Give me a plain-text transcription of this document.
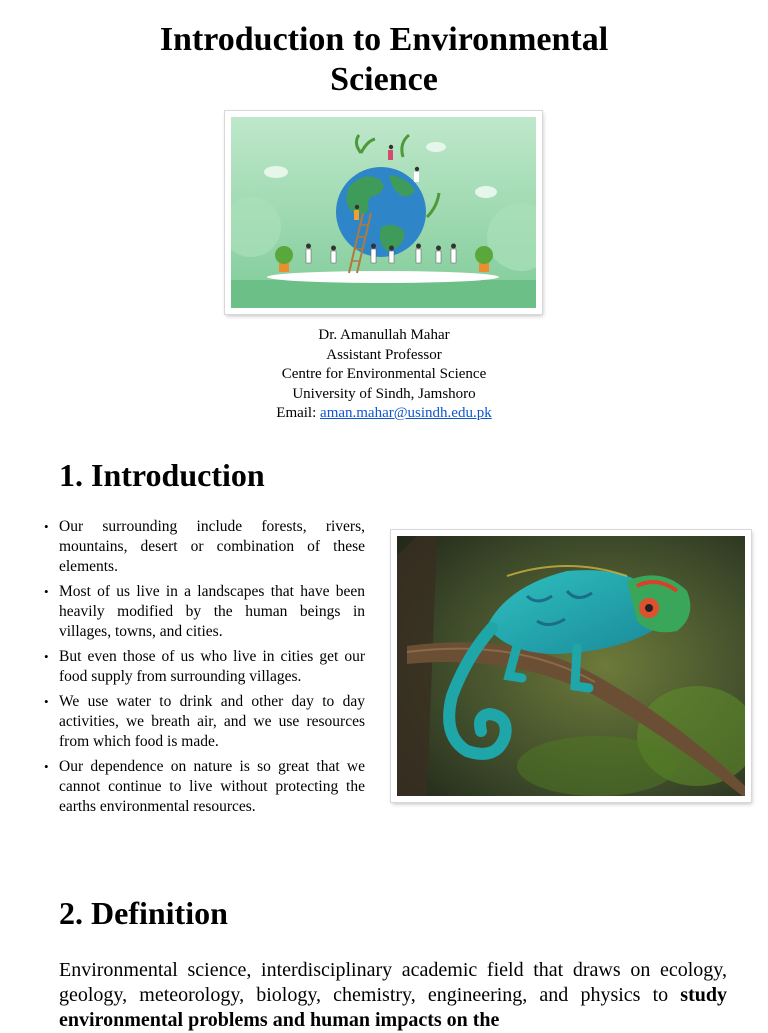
Introduction to Environmental
Science
Dr. Amanullah Mahar
Assistant Professor
Centre for Environmental Science
University of Sindh, Jamshoro
Email: aman.mahar@usindh.edu.pk
1. Introduction
• Our surrounding include forests, rivers, mountains, desert or combination of these elements.
• Most of us live in a landscapes that have been heavily modified by the human beings in villages, towns, and cities.
• But even those of us who live in cities get our food supply from surrounding villages.
• We use water to drink and other day to day activities, we breath air, and we use resources from which food is made.
• Our dependence on nature is so great that we cannot continue to live without protecting the earths environmental resources.
2. Definition

Environmental science, interdisciplinary academic field that draws on ecology, geology, meteorology, biology, chemistry, engineering, and physics to study environmental problems and human impacts on the
